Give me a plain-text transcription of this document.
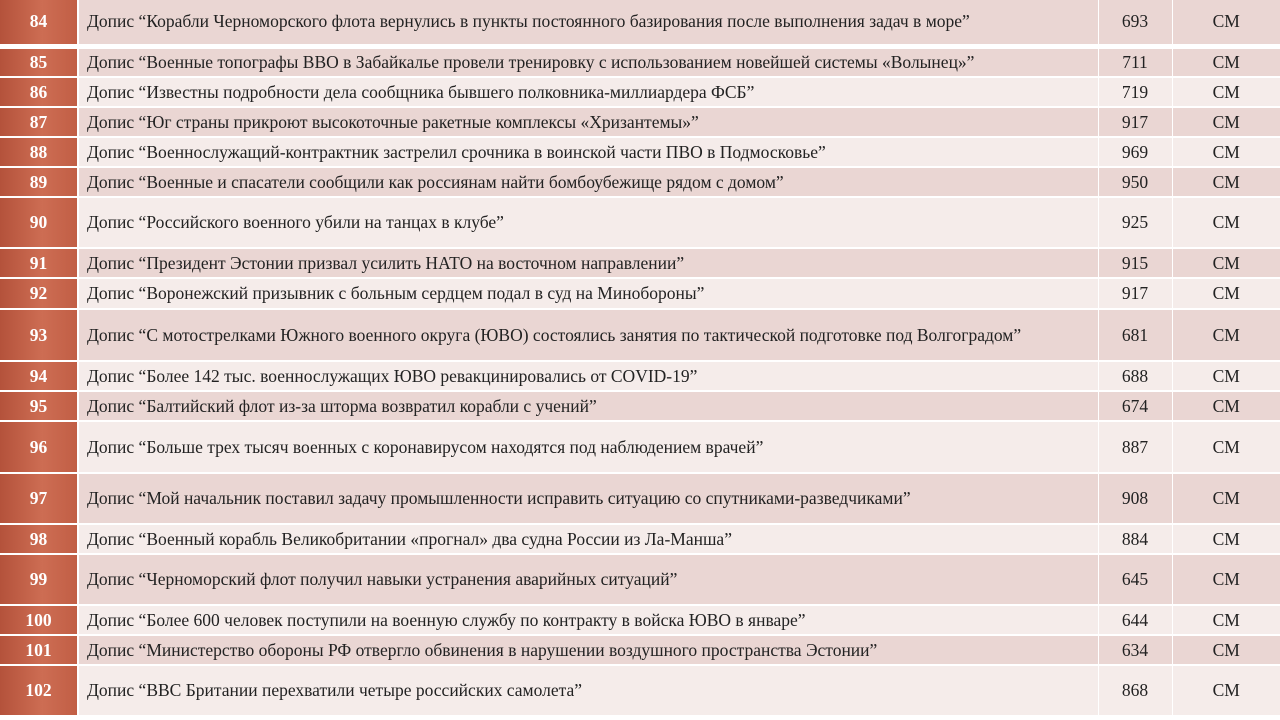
84	Допис “Корабли Черноморского флота вернулись в пункты постоянного базирования после выполнения задач в море”	693	СМ
85	Допис “Военные топографы ВВО в Забайкалье провели тренировку с использованием новейшей системы «Волынец»”	711	СМ
86	Допис “Известны подробности дела сообщника бывшего полковника-миллиардера ФСБ”	719	СМ
87	Допис “Юг страны прикроют высокоточные ракетные комплексы «Хризантемы»”	917	СМ
88	Допис “Военнослужащий-контрактник застрелил срочника в воинской части ПВО в Подмосковье”	969	СМ
89	Допис “Военные и спасатели сообщили как россиянам найти бомбоубежище рядом с домом”	950	СМ
90	Допис “Российского военного убили на танцах в клубе”	925	СМ
91	Допис “Президент Эстонии призвал усилить НАТО на восточном направлении”	915	СМ
92	Допис “Воронежский призывник с больным сердцем подал в суд на Минобороны”	917	СМ
93	Допис “С мотострелками Южного военного округа (ЮВО) состоялись занятия по тактической подготовке под Волгоградом”	681	СМ
94	Допис “Более 142 тыс. военнослужащих ЮВО ревакцинировались от COVID-19”	688	СМ
95	Допис “Балтийский флот из-за шторма возвратил корабли с учений”	674	СМ
96	Допис “Больше трех тысяч военных с коронавирусом находятся под наблюдением врачей”	887	СМ
97	Допис “Мой начальник поставил задачу промышленности исправить ситуацию со спутниками-разведчиками”	908	СМ
98	Допис “Военный корабль Великобритании «прогнал» два судна России из Ла-Манша”	884	СМ
99	Допис “Черноморский флот получил навыки устранения аварийных ситуаций”	645	СМ
100	Допис “Более 600 человек поступили на военную службу по контракту в войска ЮВО в январе”	644	СМ
101	Допис “Министерство обороны РФ отвергло обвинения в нарушении воздушного пространства Эстонии”	634	СМ
102	Допис “ВВС Британии перехватили четыре российских самолета”	868	СМ
